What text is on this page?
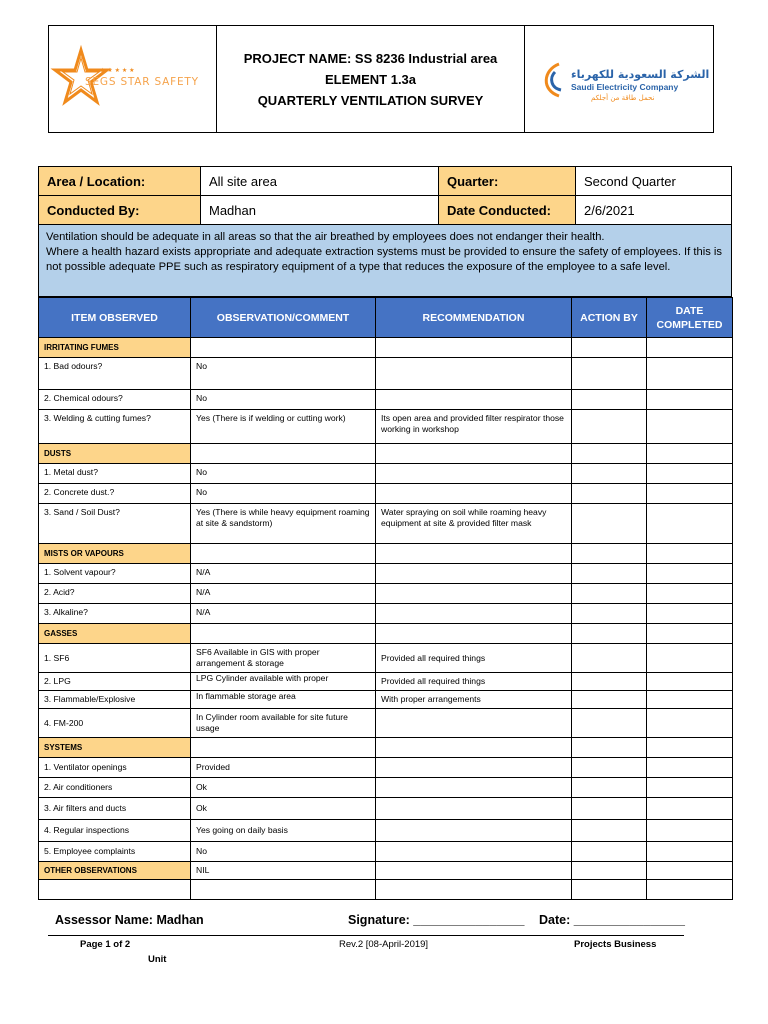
★ ★ ★ ★ ★
SEGS STAR SAFETY
PROJECT NAME: SS 8236 Industrial area
ELEMENT 1.3a
QUARTERLY VENTILATION SURVEY
الشركة السعودية للكهرباء
Saudi Electricity Company
نحمل طاقة من أجلكم
Area / Location:	All site area	Quarter:	Second Quarter
Conducted By:	Madhan	Date Conducted:	2/6/2021
Ventilation should be adequate in all areas so that the air breathed by employees does not endanger their health.
Where a health hazard exists appropriate and adequate extraction systems must be provided to ensure the safety of employees. If this is not possible adequate PPE such as respiratory equipment of a type that reduces the exposure of the employee to a safe level.
ITEM OBSERVED	OBSERVATION/COMMENT	RECOMMENDATION	ACTION BY	DATE COMPLETED
IRRITATING FUMES				
1. Bad odours?	No			
2. Chemical odours?	No			
3. Welding & cutting fumes?	Yes (There is if welding or cutting work)	Its open area and provided filter respirator those working in workshop		
DUSTS				
1. Metal dust?	No			
2. Concrete dust.?	No			
3. Sand / Soil Dust?	Yes (There is while heavy equipment roaming at site & sandstorm)	Water spraying on soil while roaming heavy equipment at site & provided filter mask		
MISTS OR VAPOURS				
1. Solvent vapour?	N/A			
2. Acid?	N/A			
3. Alkaline?	N/A			
GASSES				
1. SF6	SF6 Available in GIS with proper arrangement & storage	Provided all required things		
2. LPG	LPG Cylinder available with proper	Provided all required things		
3. Flammable/Explosive	In flammable storage area	With proper arrangements		
4. FM-200	In Cylinder room available for site future usage			
SYSTEMS				
1. Ventilator openings	Provided			
2. Air conditioners	Ok			
3. Air filters and ducts	Ok			
4. Regular inspections	Yes going on daily basis			
5. Employee complaints	No			
OTHER OBSERVATIONS	NIL			

Assessor Name: Madhan	Signature: ________________ Date: ________________
Page 1 of 2	Rev.2 [08-April-2019]	Projects Business
Unit
